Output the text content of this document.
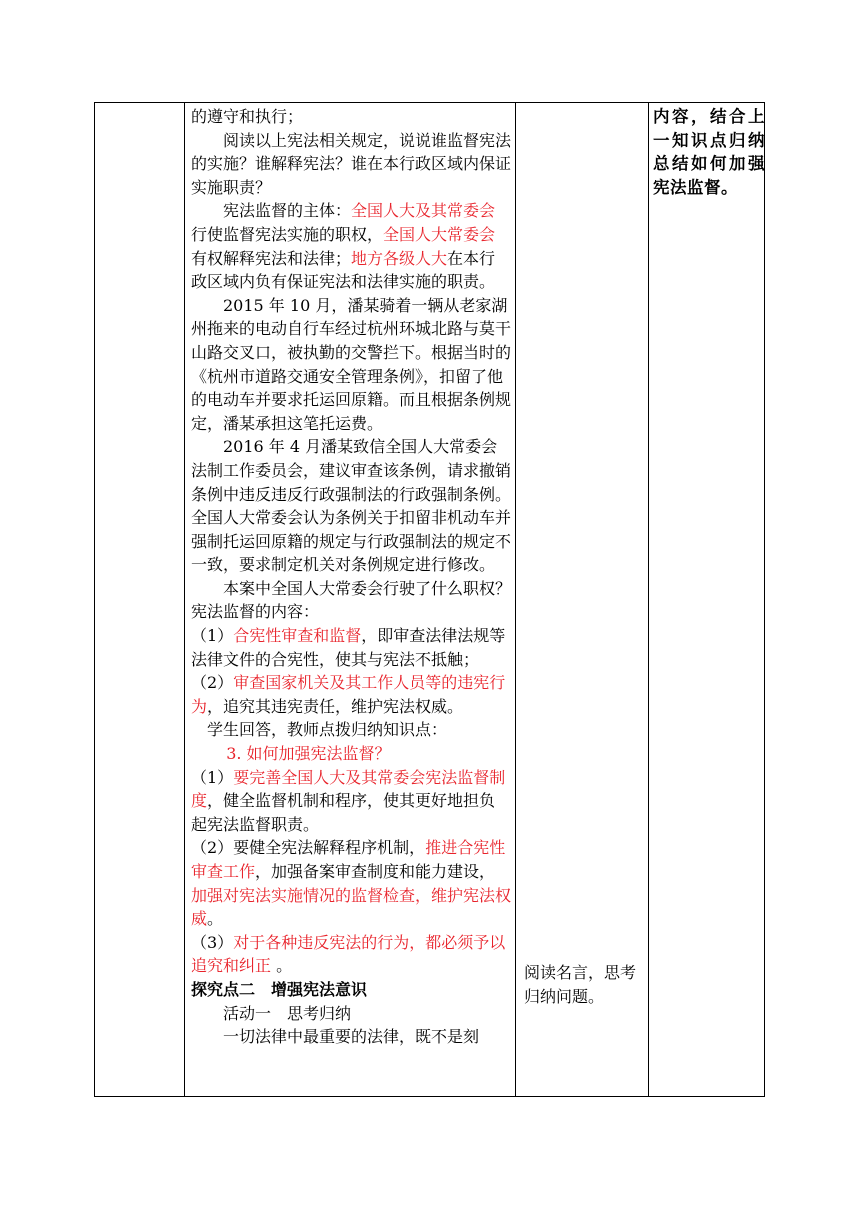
的遵守和执行；

阅读以上宪法相关规定，说说谁监督宪法的实施？谁解释宪法？谁在本行政区域内保证实施职责？

宪法监督的主体：全国人大及其常委会行使监督宪法实施的职权，全国人大常委会有权解释宪法和法律；地方各级人大在本行政区域内负有保证宪法和法律实施的职责。

2015 年 10 月，潘某骑着一辆从老家湖州拖来的电动自行车经过杭州环城北路与莫干山路交叉口，被执勤的交警拦下。根据当时的《杭州市道路交通安全管理条例》，扣留了他的电动车并要求托运回原籍。而且根据条例规定，潘某承担这笔托运费。

2016 年 4 月潘某致信全国人大常委会法制工作委员会，建议审查该条例，请求撤销条例中违反违反行政强制法的行政强制条例。全国人大常委会认为条例关于扣留非机动车并强制托运回原籍的规定与行政强制法的规定不一致，要求制定机关对条例规定进行修改。

本案中全国人大常委会行驶了什么职权？

宪法监督的内容：

（1）合宪性审查和监督，即审查法律法规等法律文件的合宪性，使其与宪法不抵触；

（2）审查国家机关及其工作人员等的违宪行为，追究其违宪责任，维护宪法权威。

学生回答，教师点拨归纳知识点：

3. 如何加强宪法监督？

（1）要完善全国人大及其常委会宪法监督制度，健全监督机制和程序，使其更好地担负起宪法监督职责。

（2）要健全宪法解释程序机制，推进合宪性审查工作，加强备案审查制度和能力建设，加强对宪法实施情况的监督检查，维护宪法权威。

（3）对于各种违反宪法的行为，都必须予以追究和纠正 。

探究点二　增强宪法意识

活动一　思考归纳

一切法律中最重要的法律，既不是刻

阅读名言，思考归纳问题。
内容，结合上一知识点归纳总结如何加强宪法监督。
